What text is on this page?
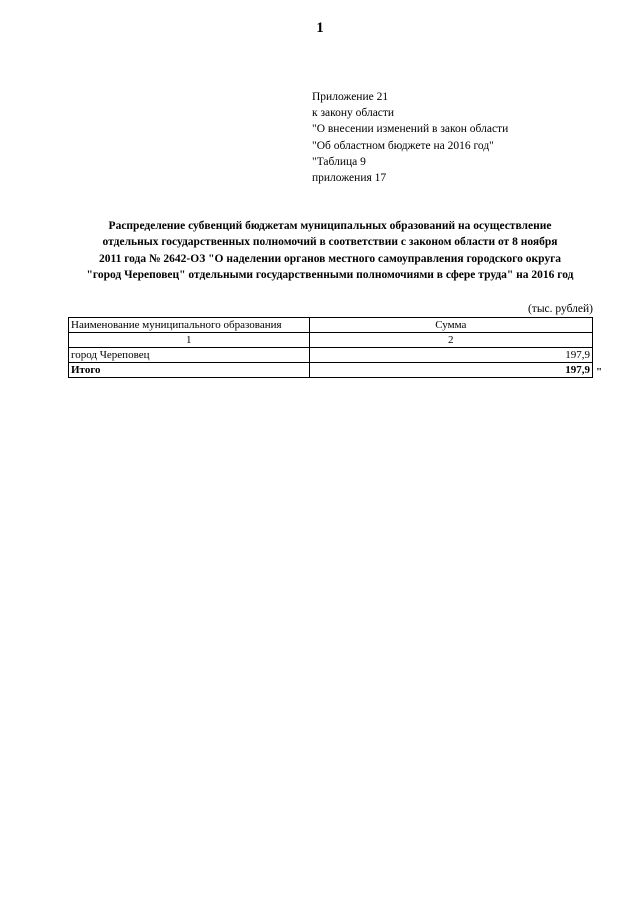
1
Приложение 21
к закону области
"О внесении изменений в закон области
"Об областном бюджете на 2016 год"
"Таблица 9
приложения 17
Распределение субвенций бюджетам муниципальных образований на осуществление
отдельных государственных полномочий в соответствии с законом области от 8 ноября
2011 года № 2642-ОЗ "О наделении органов местного самоуправления городского округа
"город Череповец" отдельными государственными полномочиями в сфере труда" на 2016 год
(тыс. рублей)
Наименование муниципального образования	Сумма
1	2
город Череповец	197,9
Итого	197,9 "
